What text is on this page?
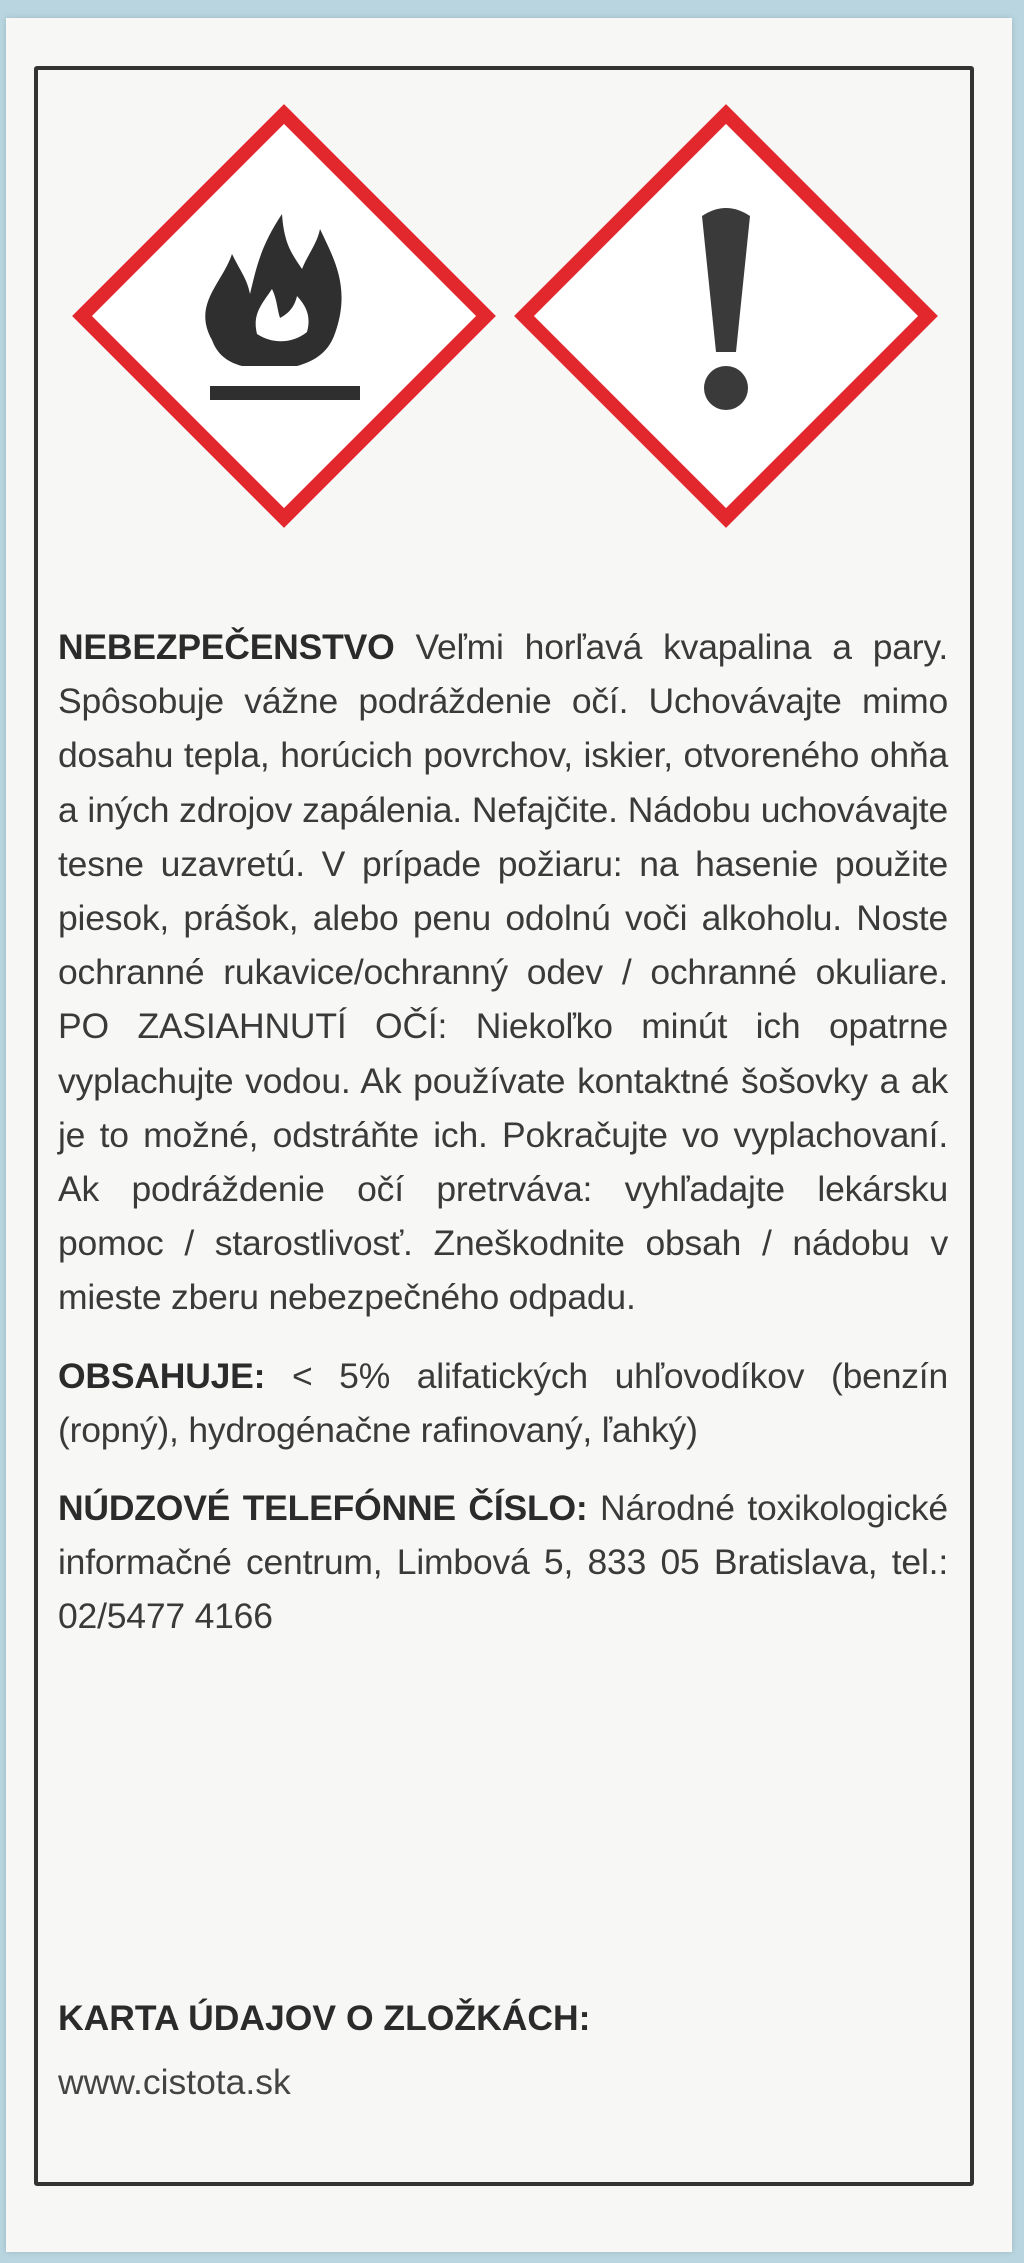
NEBEZPEČENSTVO Veľmi horľavá kvapalina a pary. Spôsobuje vážne podráždenie očí. Uchovávajte mimo dosahu tepla, horúcich povrchov, iskier, otvoreného ohňa a iných zdrojov zapálenia. Nefajčite. Nádobu uchovávajte tesne uzavretú. V prípade požiaru: na hasenie použite piesok, prášok, alebo penu odolnú voči alkoholu. Noste ochranné rukavice/ochranný odev / ochranné okuliare. PO ZASIAHNUTÍ OČÍ: Niekoľko minút ich opatrne vyplachujte vodou. Ak používate kontaktné šošovky a ak je to možné, odstráňte ich. Pokračujte vo vyplachovaní. Ak podráždenie očí pretrváva: vyhľadajte lekársku pomoc / starostlivosť. Zneškodnite obsah / nádobu v mieste zberu nebezpečného odpadu.

OBSAHUJE: < 5% alifatických uhľovodíkov (benzín (ropný), hydrogénačne rafinovaný, ľahký)

NÚDZOVÉ TELEFÓNNE ČÍSLO: Národné toxikologické informačné centrum, Limbová 5, 833 05 Bratislava, tel.: 02/5477 4166

KARTA ÚDAJOV O ZLOŽKÁCH:
www.cistota.sk
